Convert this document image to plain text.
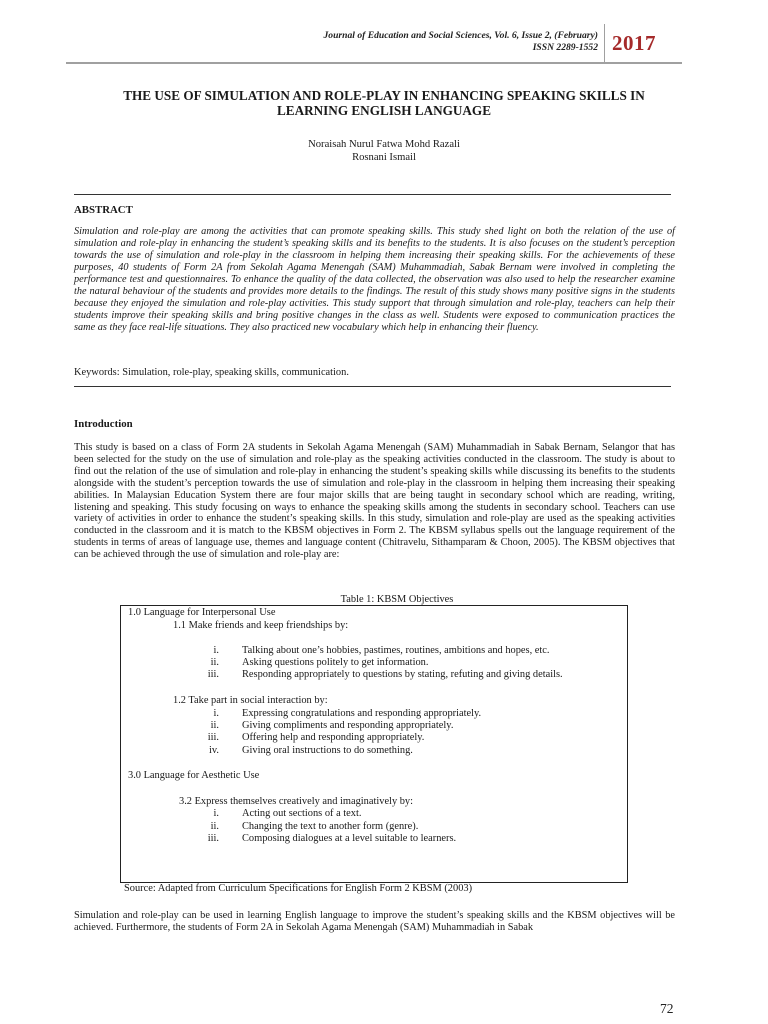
Journal of Education and Social Sciences, Vol. 6, Issue 2, (February)
ISSN 2289-1552 2017
THE USE OF SIMULATION AND ROLE-PLAY IN ENHANCING SPEAKING SKILLS IN
LEARNING ENGLISH LANGUAGE
Noraisah Nurul Fatwa Mohd Razali
Rosnani Ismail
ABSTRACT
Simulation and role-play are among the activities that can promote speaking skills. This study shed light on both the relation of the use of simulation and role-play in enhancing the student’s speaking skills and its benefits to the students. It is also focuses on the student’s perception towards the use of simulation and role-play in the classroom in helping them increasing their speaking skills. For the achievements of these purposes, 40 students of Form 2A from Sekolah Agama Menengah (SAM) Muhammadiah, Sabak Bernam were involved in completing the performance test and questionnaires. To enhance the quality of the data collected, the observation was also used to help the researcher examine the natural behaviour of the students and provides more details to the findings. The result of this study shows many positive signs in the students because they enjoyed the simulation and role-play activities. This study support that through simulation and role-play, teachers can help their students improve their speaking skills and bring positive changes in the class as well. Students were exposed to communication practices the same as they face real-life situations. They also practiced new vocabulary which help in enhancing their fluency.
Keywords: Simulation, role-play, speaking skills, communication.
Introduction
This study is based on a class of Form 2A students in Sekolah Agama Menengah (SAM) Muhammadiah in Sabak Bernam, Selangor that has been selected for the study on the use of simulation and role-play as the speaking activities conducted in the classroom. The study is about to find out the relation of the use of simulation and role-play in enhancing the student’s speaking skills while discussing its benefits to the students alongside with the student’s perception towards the use of simulation and role-play in the classroom in helping them increasing their speaking abilities. In Malaysian Education System there are four major skills that are being taught in secondary school which are reading, writing, listening and speaking. This study focusing on ways to enhance the speaking skills among the students in secondary school. Teachers can use variety of activities in order to enhance the student’s speaking skills. In this study, simulation and role-play are used as the speaking activities conducted in the classroom and it is match to the KBSM objectives in Form 2. The KBSM syllabus spells out the language requirement of the students in terms of areas of language use, themes and language content (Chitravelu, Sithamparam & Choon, 2005). The KBSM objectives that can be achieved through the use of simulation and role-play are:
Table 1: KBSM Objectives
1.0 Language for Interpersonal Use
1.1 Make friends and keep friendships by:
i. Talking about one’s hobbies, pastimes, routines, ambitions and hopes, etc.
ii. Asking questions politely to get information.
iii. Responding appropriately to questions by stating, refuting and giving details.
1.2 Take part in social interaction by:
i. Expressing congratulations and responding appropriately.
ii. Giving compliments and responding appropriately.
iii. Offering help and responding appropriately.
iv. Giving oral instructions to do something.
3.0 Language for Aesthetic Use
3.2 Express themselves creatively and imaginatively by:
i. Acting out sections of a text.
ii. Changing the text to another form (genre).
iii. Composing dialogues at a level suitable to learners.
Source: Adapted from Curriculum Specifications for English Form 2 KBSM (2003)
Simulation and role-play can be used in learning English language to improve the student’s speaking skills and the KBSM objectives will be achieved. Furthermore, the students of Form 2A in Sekolah Agama Menengah (SAM) Muhammadiah in Sabak
72
